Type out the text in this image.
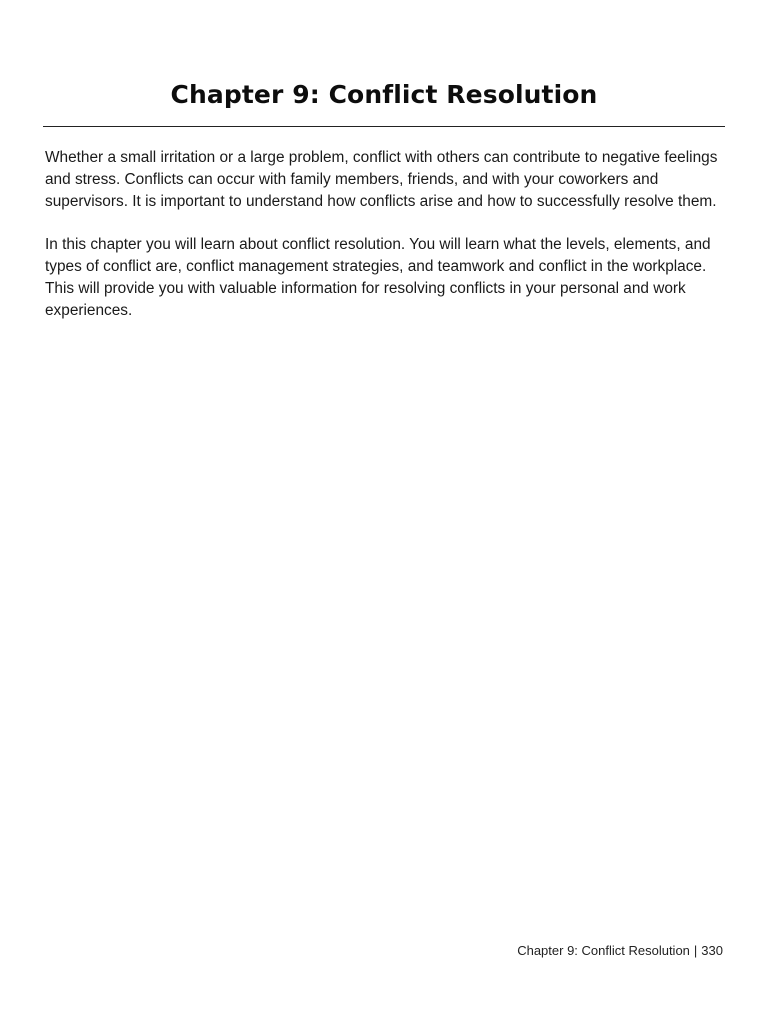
Chapter 9: Conflict Resolution

Whether a small irritation or a large problem, conflict with others can contribute to negative feelings and stress. Conflicts can occur with family members, friends, and with your coworkers and supervisors. It is important to understand how conflicts arise and how to successfully resolve them.

In this chapter you will learn about conflict resolution. You will learn what the levels, elements, and types of conflict are, conflict management strategies, and teamwork and conflict in the workplace. This will provide you with valuable information for resolving conflicts in your personal and work experiences.

Chapter 9: Conflict Resolution | 330
